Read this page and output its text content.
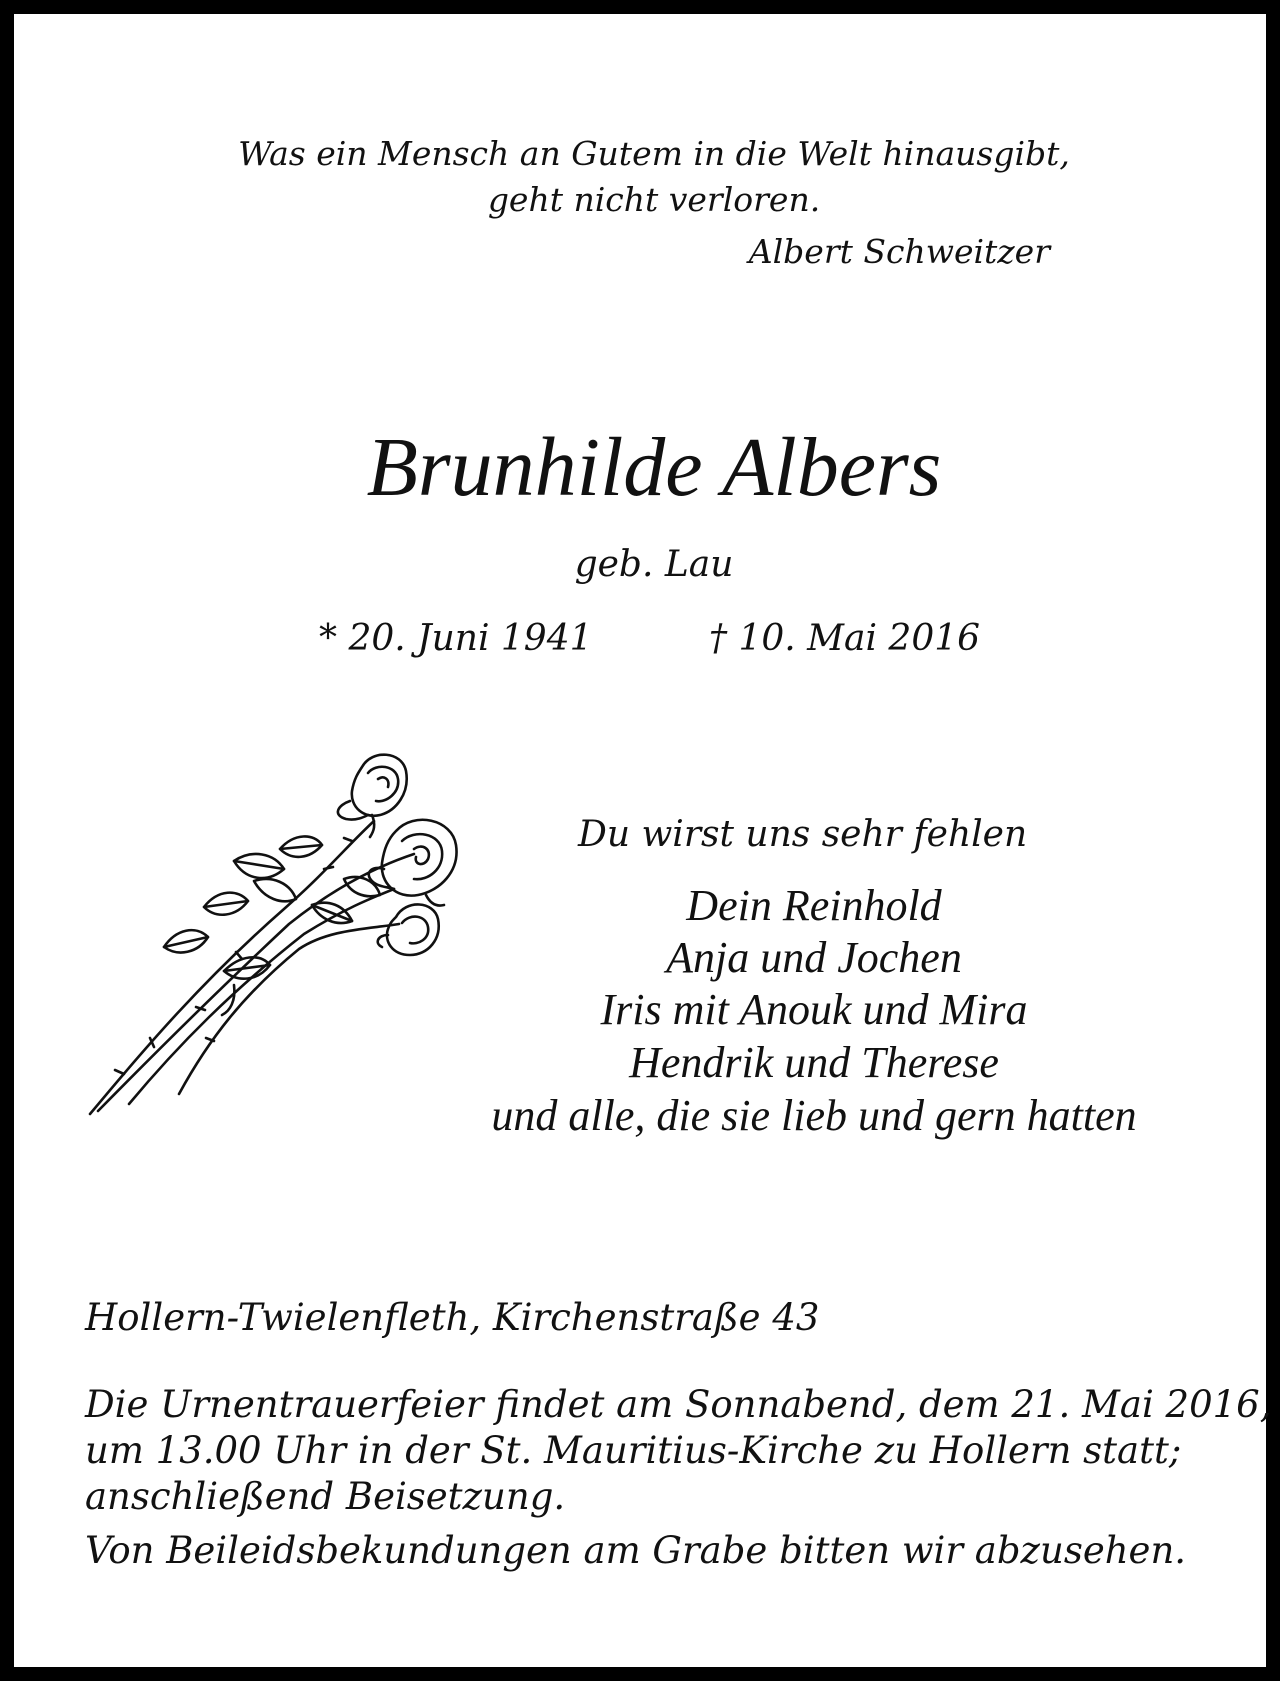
Was ein Mensch an Gutem in die Welt hinausgibt,
geht nicht verloren.
Albert Schweitzer
Brunhilde Albers
geb. Lau
* 20. Juni 1941	† 10. Mai 2016
Du wirst uns sehr fehlen
Dein Reinhold
Anja und Jochen
Iris mit Anouk und Mira
Hendrik und Therese
und alle, die sie lieb und gern hatten
Hollern-Twielenfleth, Kirchenstraße 43
Die Urnentrauerfeier findet am Sonnabend, dem 21. Mai 2016,
um 13.00 Uhr in der St. Mauritius-Kirche zu Hollern statt;
anschließend Beisetzung.
Von Beileidsbekundungen am Grabe bitten wir abzusehen.
